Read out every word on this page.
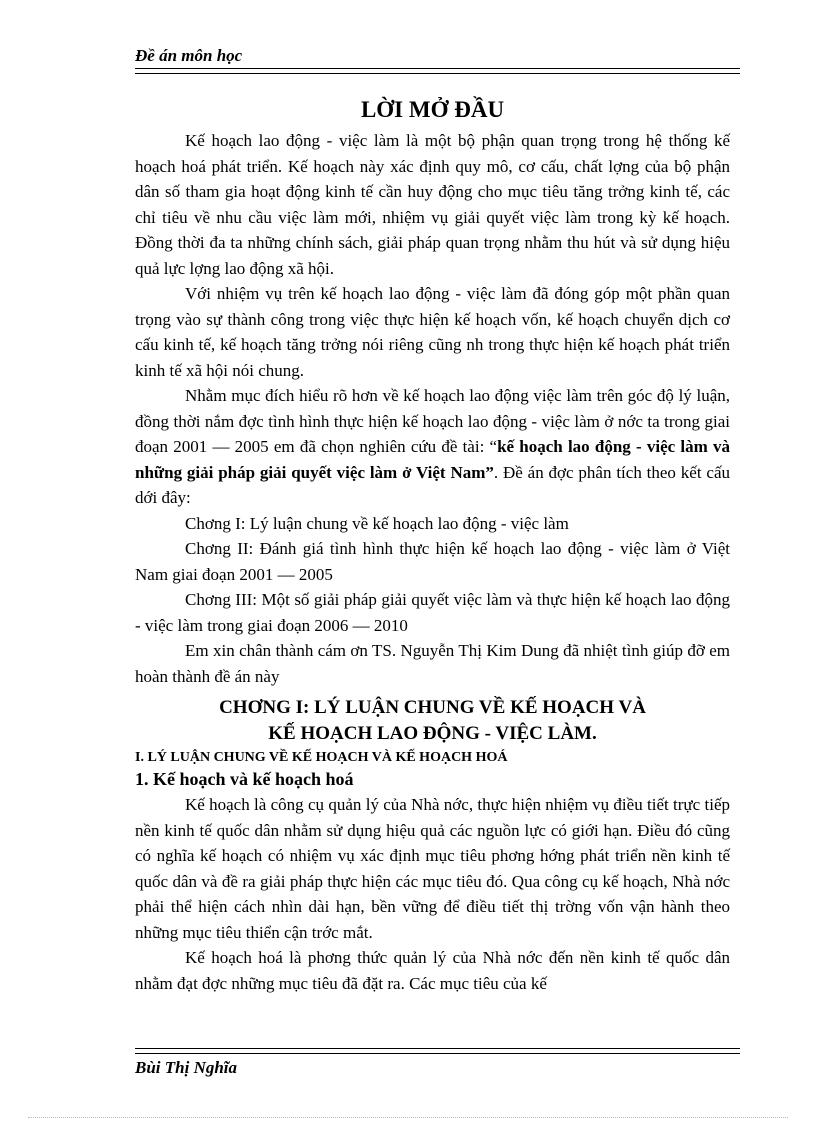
Đề án môn học
LỜI MỞ ĐẦU

Kế hoạch lao động - việc làm là một bộ phận quan trọng trong hệ thống kế hoạch hoá phát triển. Kế hoạch này xác định quy mô, cơ cấu, chất lợng của bộ phận dân số tham gia hoạt động kinh tế cần huy động cho mục tiêu tăng trởng kinh tế, các chỉ tiêu về nhu cầu việc làm mới, nhiệm vụ giải quyết việc làm trong kỳ kế hoạch. Đồng thời đa ta những chính sách, giải pháp quan trọng nhằm thu hút và sử dụng hiệu quả lực lợng lao động xã hội.

Với nhiệm vụ trên kế hoạch lao động - việc làm đã đóng góp một phần quan trọng vào sự thành công trong việc thực hiện kế hoạch vốn, kế hoạch chuyển dịch cơ cấu kinh tế, kế hoạch tăng trởng nói riêng cũng nh trong thực hiện kế hoạch phát triển kinh tế xã hội nói chung.

Nhằm mục đích hiểu rõ hơn về kế hoạch lao động việc làm trên góc độ lý luận, đồng thời nắm đợc tình hình thực hiện kế hoạch lao động - việc làm ở nớc ta trong giai đoạn 2001 — 2005 em đã chọn nghiên cứu đề tài: “kế hoạch lao động - việc làm và những giải pháp giải quyết việc làm ở Việt Nam”. Đề án đợc phân tích theo kết cấu dới đây:

Chơng I: Lý luận chung về kế hoạch lao động - việc làm

Chơng II: Đánh giá tình hình thực hiện kế hoạch lao động - việc làm ở Việt Nam giai đoạn 2001 — 2005

Chơng III: Một số giải pháp giải quyết việc làm và thực hiện kế hoạch lao động - việc làm trong giai đoạn 2006 — 2010

Em xin chân thành cám ơn TS. Nguyễn Thị Kim Dung đã nhiệt tình giúp đỡ em hoàn thành đề án này

CHƠNG I: LÝ LUẬN CHUNG VỀ KẾ HOẠCH VÀ

KẾ HOẠCH LAO ĐỘNG - VIỆC LÀM.

I. LÝ LUẬN CHUNG VỀ KẾ HOẠCH VÀ KẾ HOẠCH HOÁ

1. Kế hoạch và kế hoạch hoá

Kế hoạch là công cụ quản lý của Nhà nớc, thực hiện nhiệm vụ điều tiết trực tiếp nền kinh tế quốc dân nhằm sử dụng hiệu quả các nguồn lực có giới hạn. Điều đó cũng có nghĩa kế hoạch có nhiệm vụ xác định mục tiêu phơng hớng phát triển nền kinh tế quốc dân và đề ra giải pháp thực hiện các mục tiêu đó. Qua công cụ kế hoạch, Nhà nớc phải thể hiện cách nhìn dài hạn, bền vững để điều tiết thị trờng vốn vận hành theo những mục tiêu thiển cận trớc mắt.

Kế hoạch hoá là phơng thức quản lý của Nhà nớc đến nền kinh tế quốc dân nhằm đạt đợc những mục tiêu đã đặt ra. Các mục tiêu của kế

Bùi Thị Nghĩa
